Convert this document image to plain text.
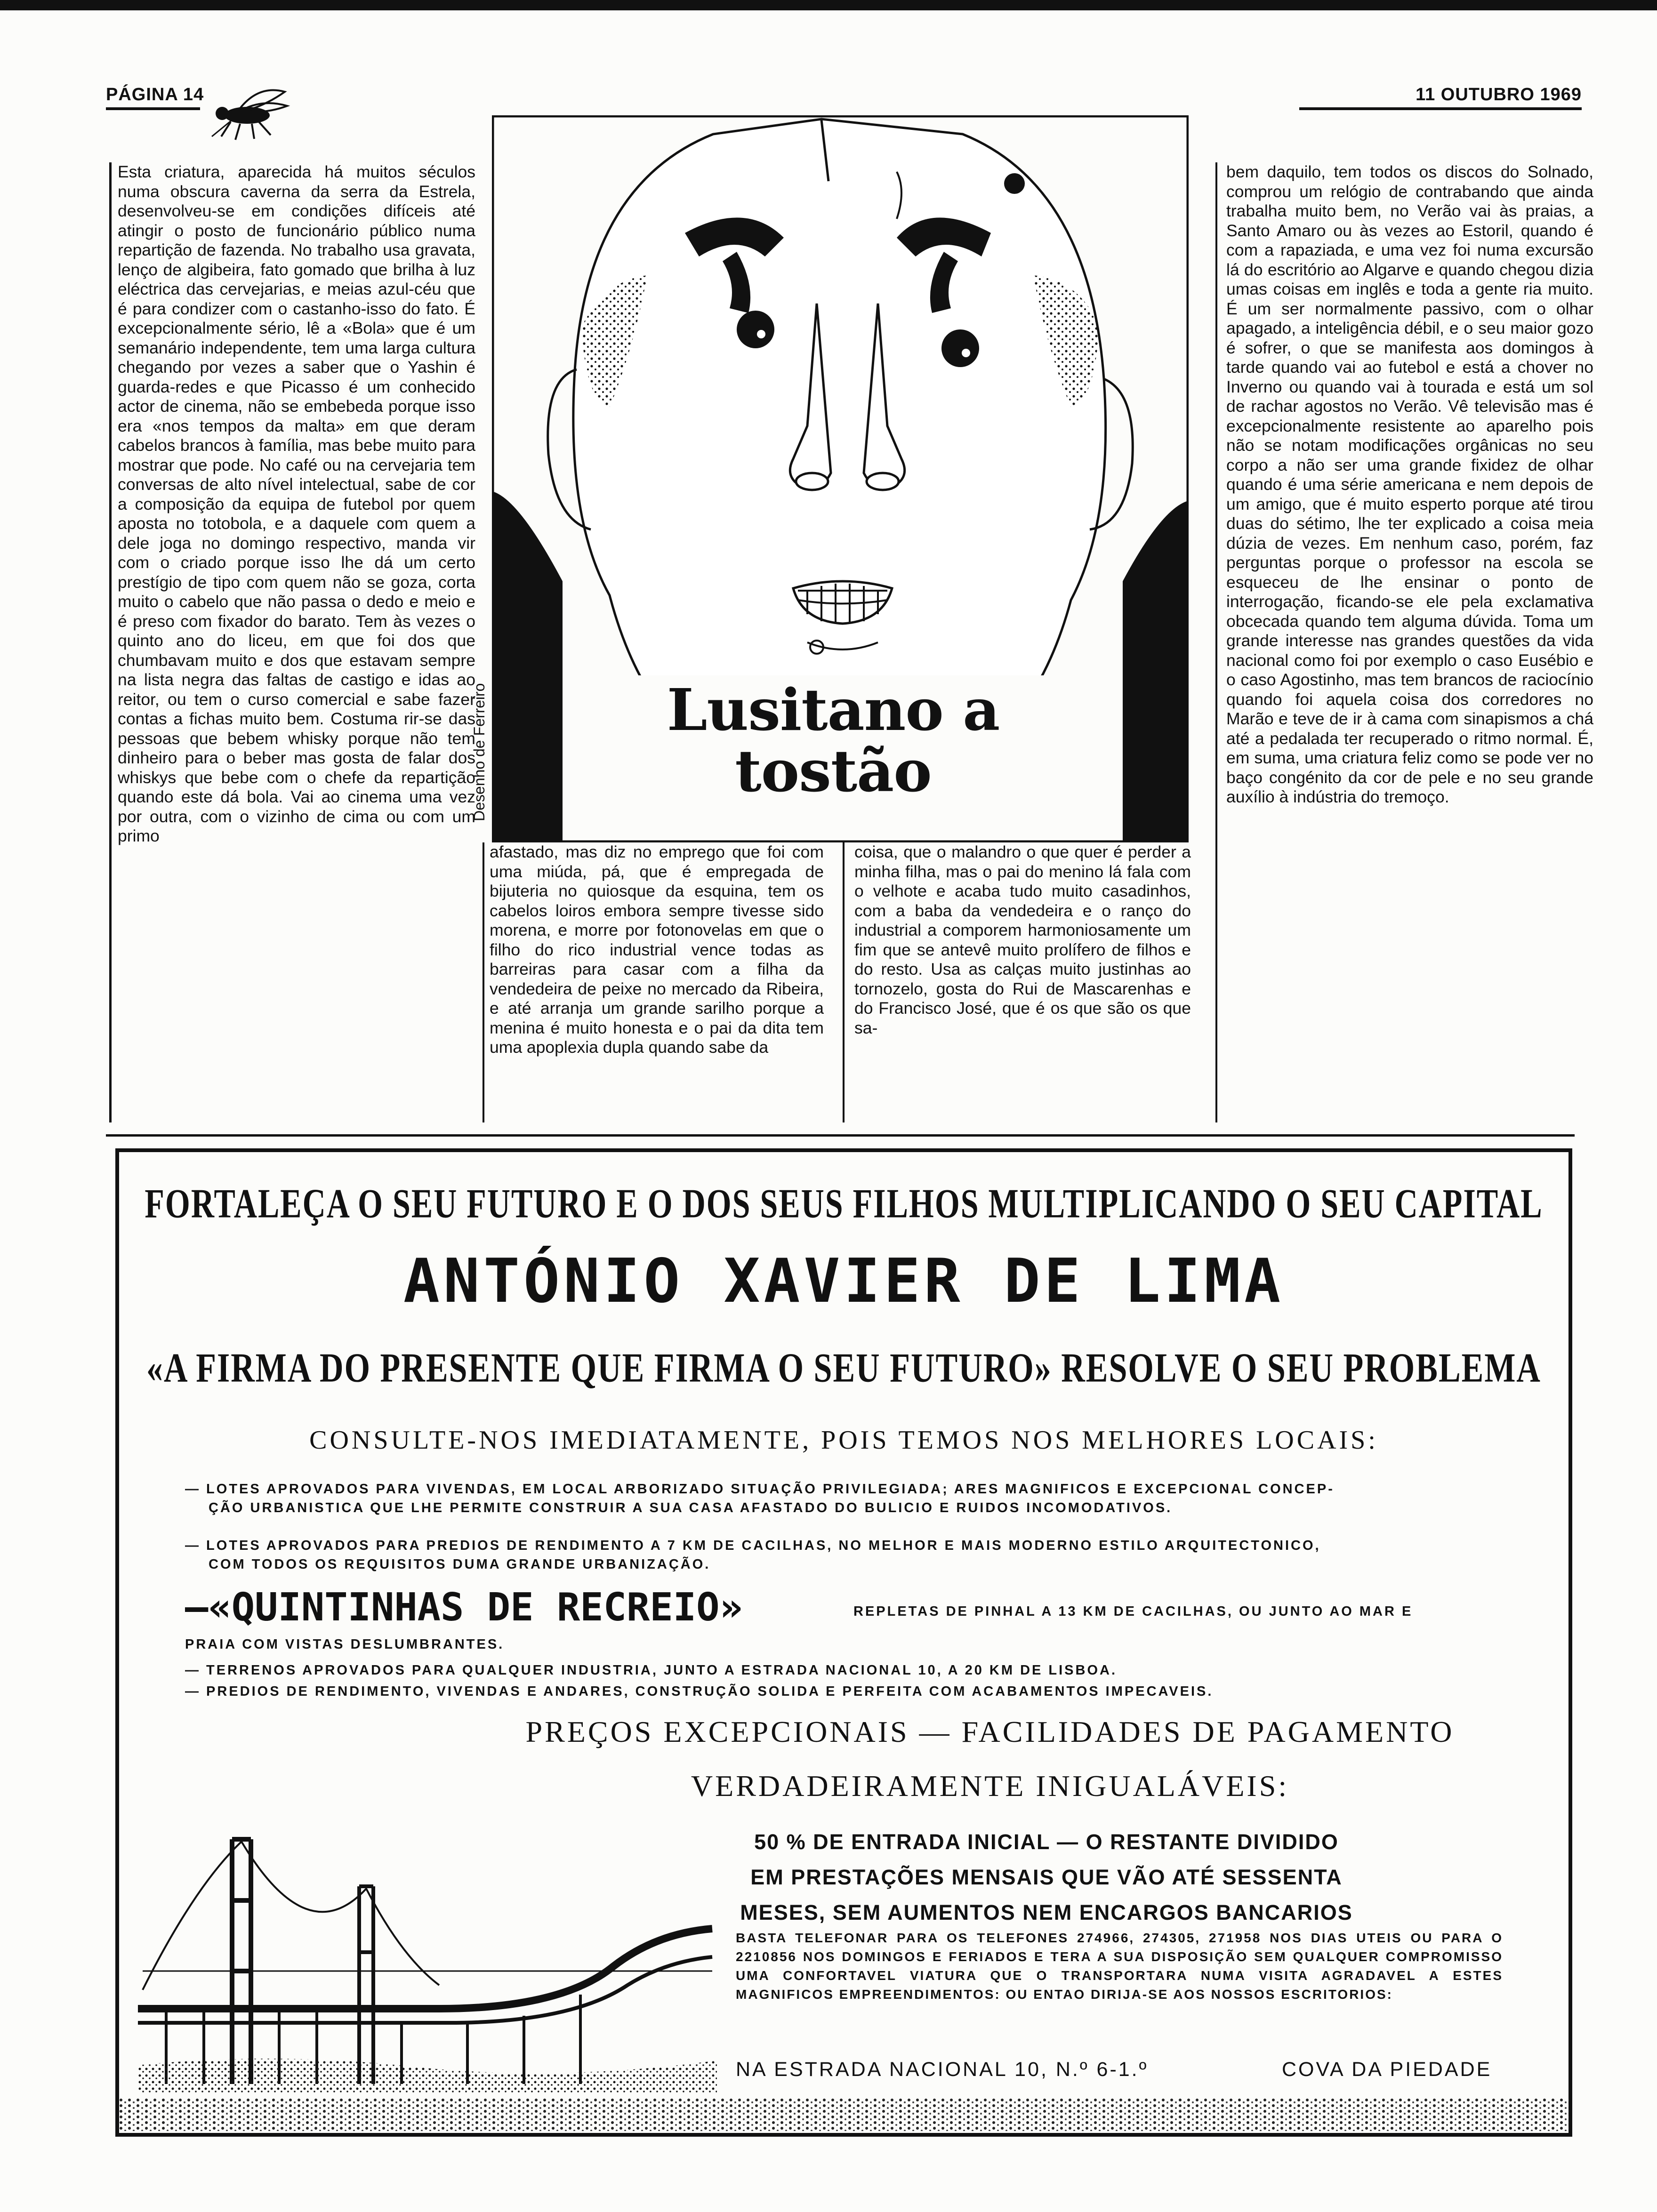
PÁGINA 14	11 OUTUBRO 1969
Esta criatura, aparecida há muitos séculos numa obscura caverna da serra da Estrela, desenvolveu-se em condições difíceis até atingir o posto de funcionário público numa repartição de fazenda. No trabalho usa gravata, lenço de algibeira, fato gomado que brilha à luz eléctrica das cervejarias, e meias azul-céu que é para condizer com o castanho-isso do fato. É excepcionalmente sério, lê a «Bola» que é um semanário independente, tem uma larga cultura chegando por vezes a saber que o Yashin é guarda-redes e que Picasso é um conhecido actor de cinema, não se embebeda porque isso era «nos tempos da malta» em que deram cabelos brancos à família, mas bebe muito para mostrar que pode. No café ou na cervejaria tem conversas de alto nível intelectual, sabe de cor a composição da equipa de futebol por quem aposta no totobola, e a daquele com quem a dele joga no domingo respectivo, manda vir com o criado porque isso lhe dá um certo prestígio de tipo com quem não se goza, corta muito o cabelo que não passa o dedo e meio e é preso com fixador do barato. Tem às vezes o quinto ano do liceu, em que foi dos que chumbavam muito e dos que estavam sempre na lista negra das faltas de castigo e idas ao reitor, ou tem o curso comercial e sabe fazer contas a fichas muito bem. Costuma rir-se das pessoas que bebem whisky porque não tem dinheiro para o beber mas gosta de falar dos whiskys que bebe com o chefe da repartição quando este dá bola. Vai ao cinema uma vez por outra, com o vizinho de cima ou com um primo
Lusitano a tostão
Desenho de Ferreiro
afastado, mas diz no emprego que foi com uma miúda, pá, que é empregada de bijuteria no quiosque da esquina, tem os cabelos loiros embora sempre tivesse sido morena, e morre por fotonovelas em que o filho do rico industrial vence todas as barreiras para casar com a filha da vendedeira de peixe no mercado da Ribeira, e até arranja um grande sarilho porque a menina é muito honesta e o pai da dita tem uma apoplexia dupla quando sabe da
coisa, que o malandro o que quer é perder a minha filha, mas o pai do menino lá fala com o velhote e acaba tudo muito casadinhos, com a baba da vendedeira e o ranço do industrial a comporem harmoniosamente um fim que se antevê muito prolífero de filhos e do resto. Usa as calças muito justinhas ao tornozelo, gosta do Rui de Mascarenhas e do Francisco José, que é os que são os que sa-
bem daquilo, tem todos os discos do Solnado, comprou um relógio de contrabando que ainda trabalha muito bem, no Verão vai às praias, a Santo Amaro ou às vezes ao Estoril, quando é com a rapaziada, e uma vez foi numa excursão lá do escritório ao Algarve e quando chegou dizia umas coisas em inglês e toda a gente ria muito. É um ser normalmente passivo, com o olhar apagado, a inteligência débil, e o seu maior gozo é sofrer, o que se manifesta aos domingos à tarde quando vai ao futebol e está a chover no Inverno ou quando vai à tourada e está um sol de rachar agostos no Verão. Vê televisão mas é excepcionalmente resistente ao aparelho pois não se notam modificações orgânicas no seu corpo a não ser uma grande fixidez de olhar quando é uma série americana e nem depois de um amigo, que é muito esperto porque até tirou duas do sétimo, lhe ter explicado a coisa meia dúzia de vezes. Em nenhum caso, porém, faz perguntas porque o professor na escola se esqueceu de lhe ensinar o ponto de interrogação, ficando-se ele pela exclamativa obcecada quando tem alguma dúvida. Toma um grande interesse nas grandes questões da vida nacional como foi por exemplo o caso Eusébio e o caso Agostinho, mas tem brancos de raciocínio quando foi aquela coisa dos corredores no Marão e teve de ir à cama com sinapismos a chá até a pedalada ter recuperado o ritmo normal. É, em suma, uma criatura feliz como se pode ver no baço congénito da cor de pele e no seu grande auxílio à indústria do tremoço.
FORTALEÇA O SEU FUTURO E O DOS SEUS FILHOS MULTIPLICANDO O SEU CAPITAL
ANTÓNIO XAVIER DE LIMA
«A FIRMA DO PRESENTE QUE FIRMA O SEU FUTURO» RESOLVE O SEU PROBLEMA
CONSULTE-NOS IMEDIATAMENTE, POIS TEMOS NOS MELHORES LOCAIS:
— LOTES APROVADOS PARA VIVENDAS, EM LOCAL ARBORIZADO SITUAÇÃO PRIVILEGIADA; ARES MAGNIFICOS E EXCEPCIONAL CONCEP-
ÇÃO URBANISTICA QUE LHE PERMITE CONSTRUIR A SUA CASA AFASTADO DO BULICIO E RUIDOS INCOMODATIVOS.
— LOTES APROVADOS PARA PREDIOS DE RENDIMENTO A 7 KM DE CACILHAS, NO MELHOR E MAIS MODERNO ESTILO ARQUITECTONICO,
COM TODOS OS REQUISITOS DUMA GRANDE URBANIZAÇÃO.
—«QUINTINHAS DE RECREIO»	REPLETAS DE PINHAL A 13 KM DE CACILHAS, OU JUNTO AO MAR E
PRAIA COM VISTAS DESLUMBRANTES.
— TERRENOS APROVADOS PARA QUALQUER INDUSTRIA, JUNTO A ESTRADA NACIONAL 10, A 20 KM DE LISBOA.
— PREDIOS DE RENDIMENTO, VIVENDAS E ANDARES, CONSTRUÇÃO SOLIDA E PERFEITA COM ACABAMENTOS IMPECAVEIS.
PREÇOS EXCEPCIONAIS — FACILIDADES DE PAGAMENTO
VERDADEIRAMENTE INIGUALÁVEIS:
50 % DE ENTRADA INICIAL — O RESTANTE DIVIDIDO
EM PRESTAÇÕES MENSAIS QUE VÃO ATÉ SESSENTA
MESES, SEM AUMENTOS NEM ENCARGOS BANCARIOS
BASTA TELEFONAR PARA OS TELEFONES 274966, 274305, 271958 NOS DIAS UTEIS OU PARA O 2210856 NOS DOMINGOS E FERIADOS E TERA A SUA DISPOSIÇÃO SEM QUALQUER COMPROMISSO UMA CONFORTAVEL VIATURA QUE O TRANSPORTARA NUMA VISITA AGRADAVEL A ESTES MAGNIFICOS EMPREENDIMENTOS: OU ENTAO DIRIJA-SE AOS NOSSOS ESCRITORIOS:
NA ESTRADA NACIONAL 10, N.º 6-1.º	COVA DA PIEDADE
